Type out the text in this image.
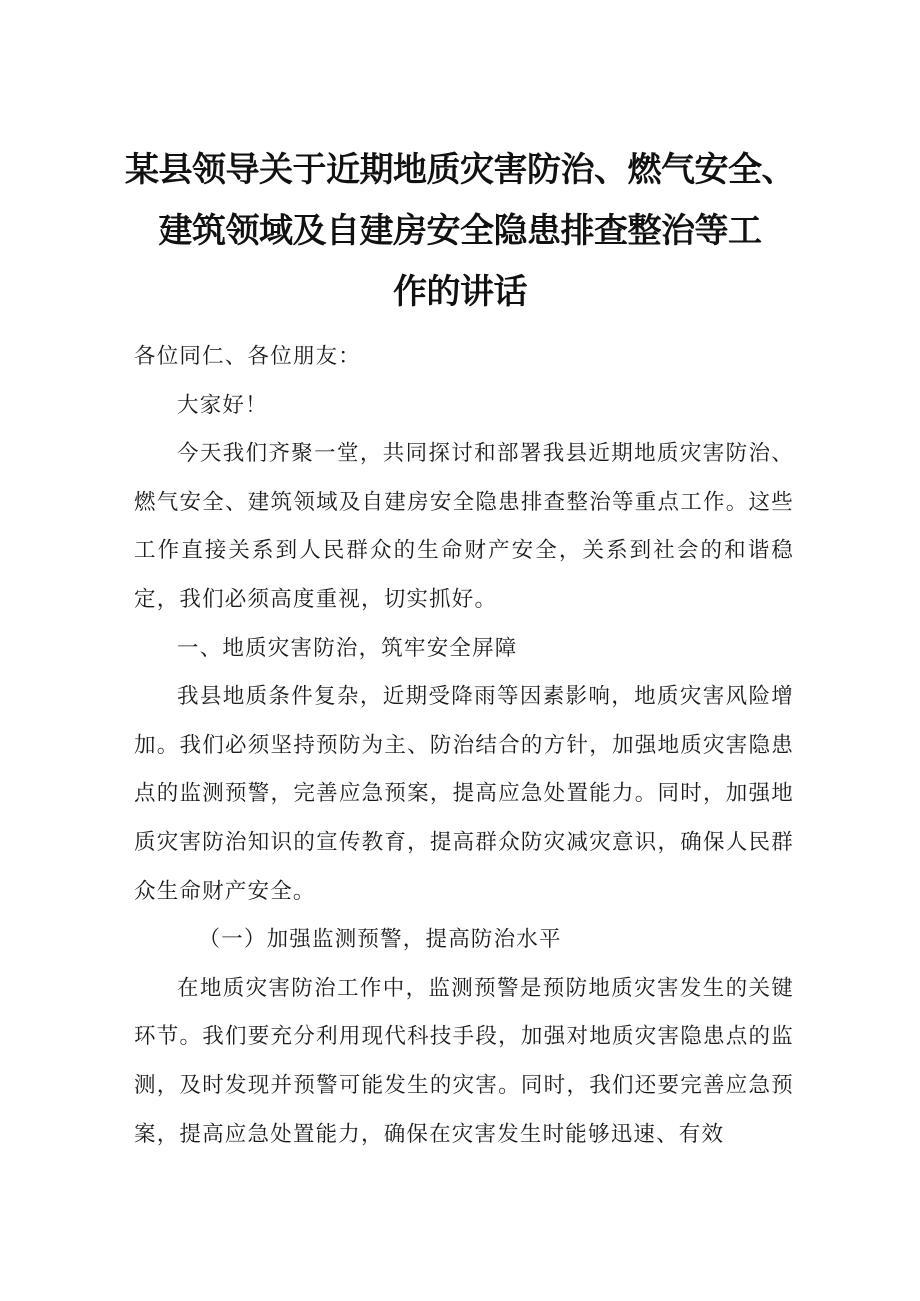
某县领导关于近期地质灾害防治、燃气安全、
建筑领域及自建房安全隐患排查整治等工
作的讲话

各位同仁、各位朋友：

大家好！

今天我们齐聚一堂，共同探讨和部署我县近期地质灾害防治、燃气安全、建筑领域及自建房安全隐患排查整治等重点工作。这些工作直接关系到人民群众的生命财产安全，关系到社会的和谐稳定，我们必须高度重视，切实抓好。

一、地质灾害防治，筑牢安全屏障

我县地质条件复杂，近期受降雨等因素影响，地质灾害风险增加。我们必须坚持预防为主、防治结合的方针，加强地质灾害隐患点的监测预警，完善应急预案，提高应急处置能力。同时，加强地质灾害防治知识的宣传教育，提高群众防灾减灾意识，确保人民群众生命财产安全。

（一）加强监测预警，提高防治水平

在地质灾害防治工作中，监测预警是预防地质灾害发生的关键环节。我们要充分利用现代科技手段，加强对地质灾害隐患点的监测，及时发现并预警可能发生的灾害。同时，我们还要完善应急预案，提高应急处置能力，确保在灾害发生时能够迅速、有效
